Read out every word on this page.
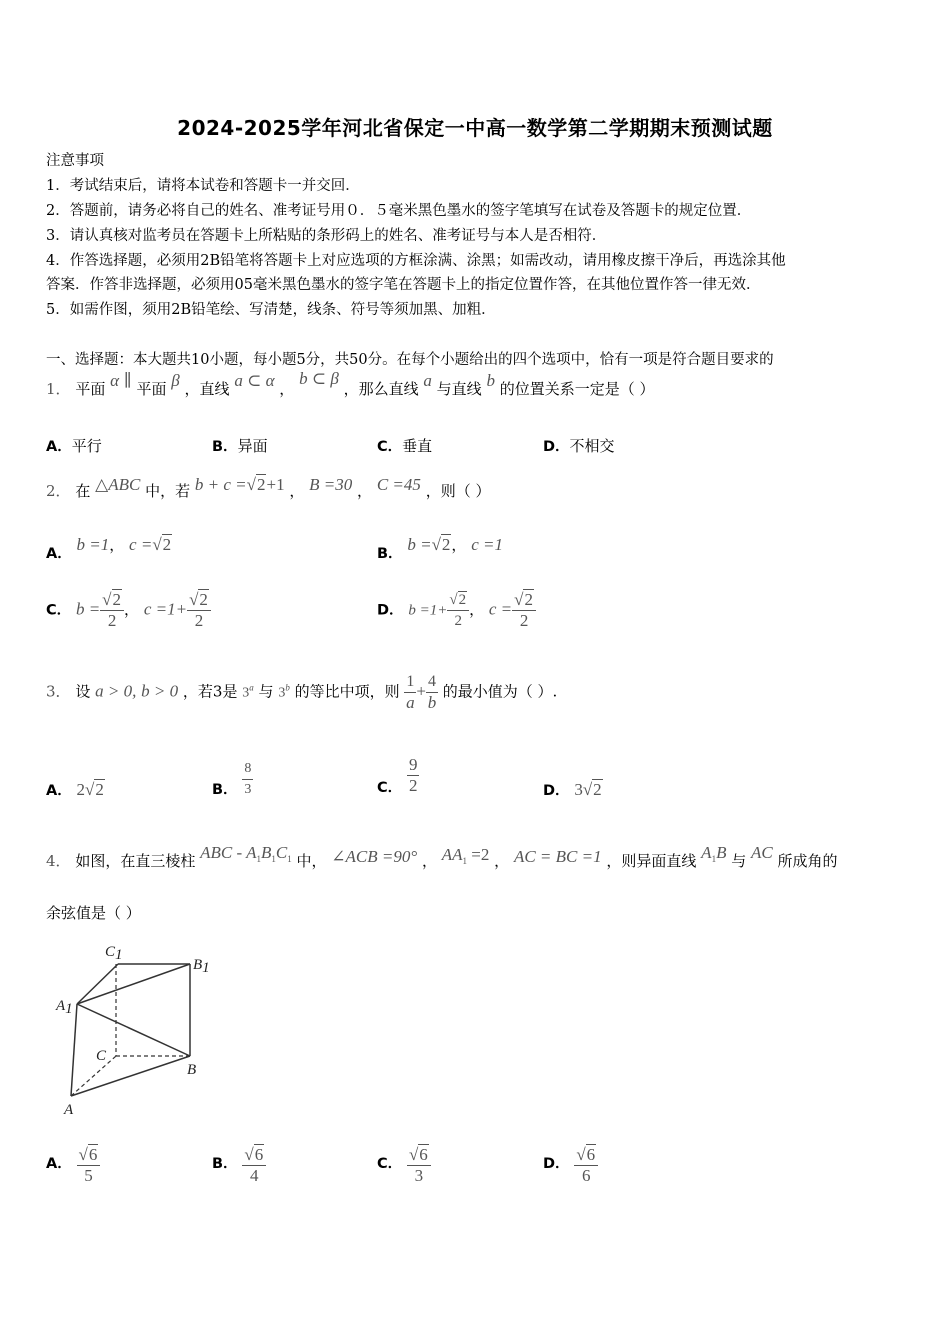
2024-2025学年河北省保定一中高一数学第二学期期末预测试题
注意事项
1．考试结束后，请将本试卷和答题卡一并交回．
2．答题前，请务必将自己的姓名、准考证号用０．５毫米黑色墨水的签字笔填写在试卷及答题卡的规定位置．
3．请认真核对监考员在答题卡上所粘贴的条形码上的姓名、准考证号与本人是否相符．
4．作答选择题，必须用2B铅笔将答题卡上对应选项的方框涂满、涂黑；如需改动，请用橡皮擦干净后，再选涂其他
答案．作答非选择题，必须用05毫米黑色墨水的签字笔在答题卡上的指定位置作答，在其他位置作答一律无效．
5．如需作图，须用2B铅笔绘、写清楚，线条、符号等须加黑、加粗．
一、选择题：本大题共10小题，每小题5分，共50分。在每个小题给出的四个选项中，恰有一项是符合题目要求的
1． 平面 α ∥ 平面 β ，直线 a ⊂ α ， b ⊂ β ，那么直线 a 与直线 b 的位置关系一定是（ ）
A．平行	B．异面	C．垂直	D．不相交
2． 在 △ABC 中，若 b + c =√2+1 ， B =30 ， C =45 ，则（ ）
A． b =1， c =√2	B． b =√2， c =1
C． $b = \frac{√2}{2}$ ， $c =1+ \frac{√2}{2}$	D． $b =1+ \frac{√2}{2}$ ， $c = \frac{√2}{2}$
3． 设 a > 0, b > 0 ，若3是 3$^a$ 与 3$^b$ 的等比中项，则 $\frac{1}{a} + \frac{4}{b}$ 的最小值为（ ）.
A． 2√2	B． $\frac{8}{3}$	C． $\frac{9}{2}$	D． 3√2
4． 如图，在直三棱柱 ABC - $A_1B_1C_1$ 中， ∠ACB =90° ， $AA_1 =2$ ， AC = BC =1 ，则异面直线 $A_1B$ 与 AC 所成角的
余弦值是（ ）
C1
B1
A1
C
B
A
A． $\frac{√6}{5}$	B． $\frac{√6}{4}$	C． $\frac{√6}{3}$	D． $\frac{√6}{6}$
